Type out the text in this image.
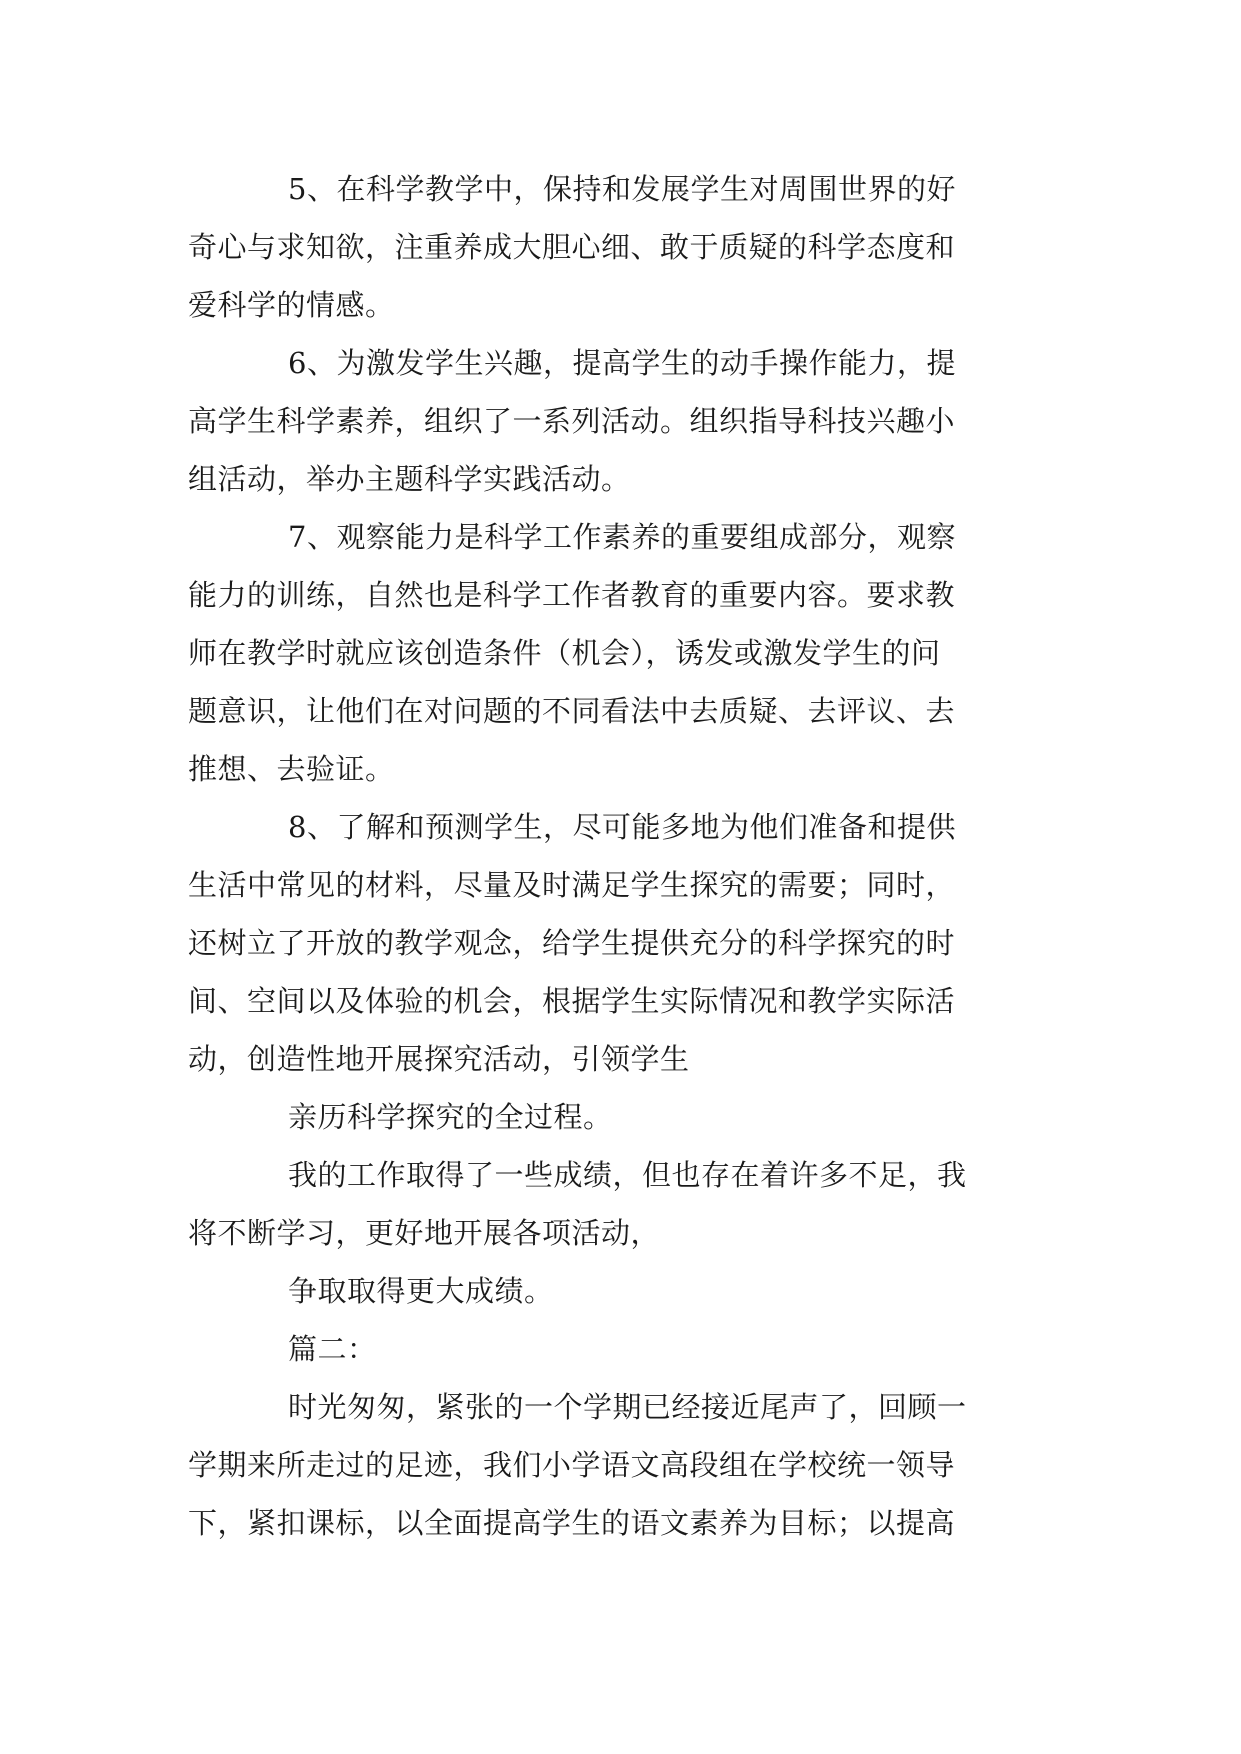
5、在科学教学中，保持和发展学生对周围世界的好
奇心与求知欲，注重养成大胆心细、敢于质疑的科学态度和
爱科学的情感。
6、为激发学生兴趣，提高学生的动手操作能力，提
高学生科学素养，组织了一系列活动。组织指导科技兴趣小
组活动，举办主题科学实践活动。
7、观察能力是科学工作素养的重要组成部分，观察
能力的训练，自然也是科学工作者教育的重要内容。要求教
师在教学时就应该创造条件（机会），诱发或激发学生的问
题意识，让他们在对问题的不同看法中去质疑、去评议、去
推想、去验证。
8、了解和预测学生，尽可能多地为他们准备和提供
生活中常见的材料，尽量及时满足学生探究的需要；同时，
还树立了开放的教学观念，给学生提供充分的科学探究的时
间、空间以及体验的机会，根据学生实际情况和教学实际活
动，创造性地开展探究活动，引领学生
亲历科学探究的全过程。
我的工作取得了一些成绩，但也存在着许多不足，我
将不断学习，更好地开展各项活动，
争取取得更大成绩。
篇二：
时光匆匆，紧张的一个学期已经接近尾声了，回顾一
学期来所走过的足迹，我们小学语文高段组在学校统一领导
下，紧扣课标，以全面提高学生的语文素养为目标；以提高
